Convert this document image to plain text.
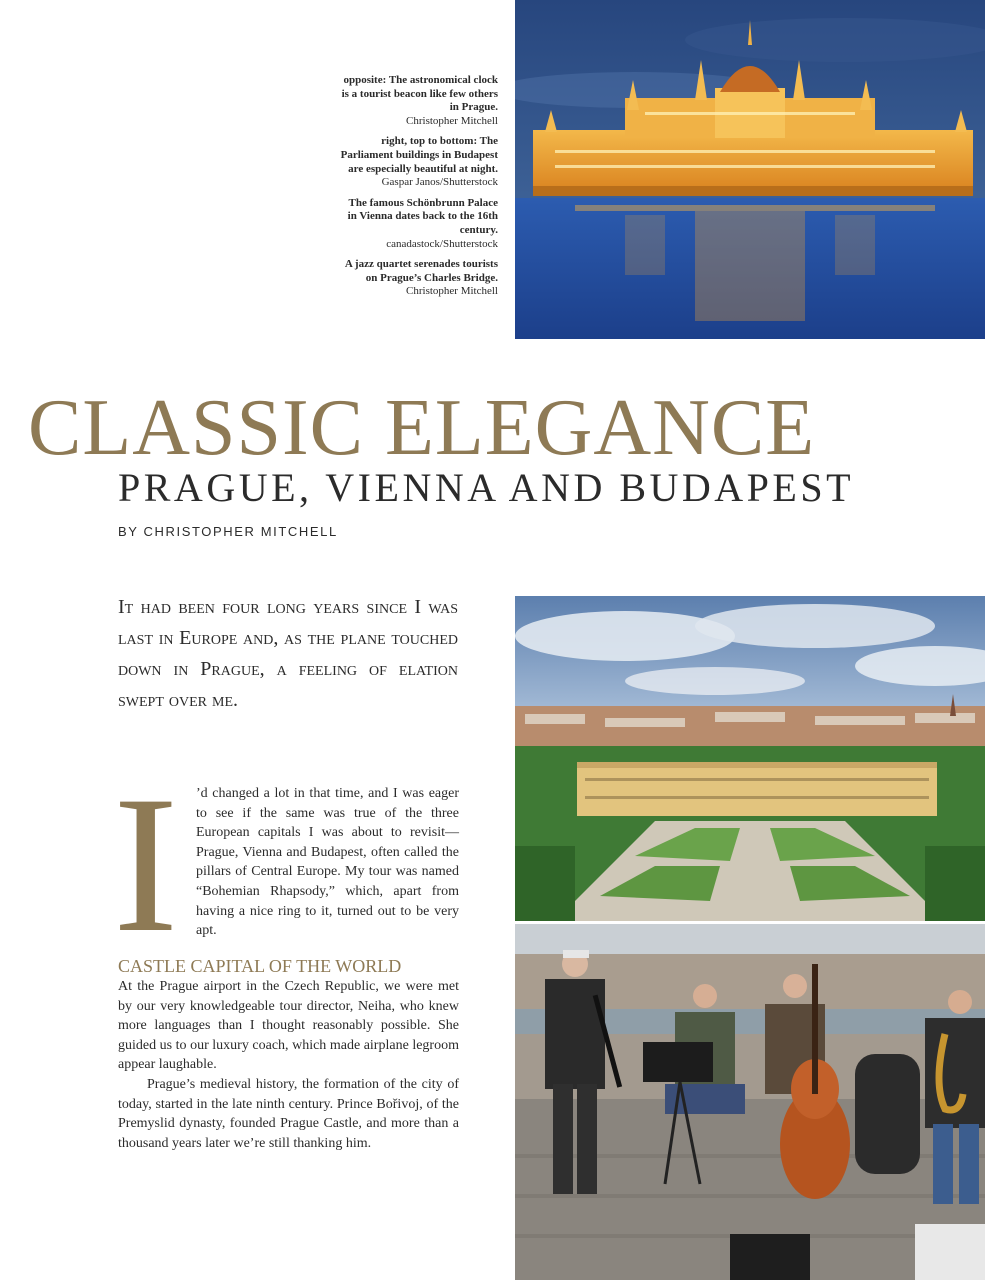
opposite: The astronomical clock is a tourist beacon like few others in Prague.
Christopher Mitchell
right, top to bottom: The Parliament buildings in Budapest are especially beautiful at night.
Gaspar Janos/Shutterstock
The famous Schönbrunn Palace in Vienna dates back to the 16th century.
canadastock/Shutterstock
A jazz quartet serenades tourists on Prague’s Charles Bridge.
Christopher Mitchell
CLASSIC ELEGANCE
PRAGUE, VIENNA AND BUDAPEST
BY CHRISTOPHER MITCHELL
It had been four long years since I was last in Europe and, as the plane touched down in Prague, a feeling of elation swept over me.
I ’d changed a lot in that time, and I was eager to see if the same was true of the three European capitals I was about to revisit—Prague, Vienna and Budapest, often called the pillars of Central Europe. My tour was named “Bohemian Rhapsody,” which, apart from having a nice ring to it, turned out to be very apt.
CASTLE CAPITAL OF THE WORLD

At the Prague airport in the Czech Republic, we were met by our very knowledgeable tour director, Neiha, who knew more languages than I thought reasonably possible. She guided us to our luxury coach, which made airplane legroom appear laughable.

Prague’s medieval history, the formation of the city of today, started in the late ninth century. Prince Bořivoj, of the Premyslid dynasty, founded Prague Castle, and more than a thousand years later we’re still thanking him.
